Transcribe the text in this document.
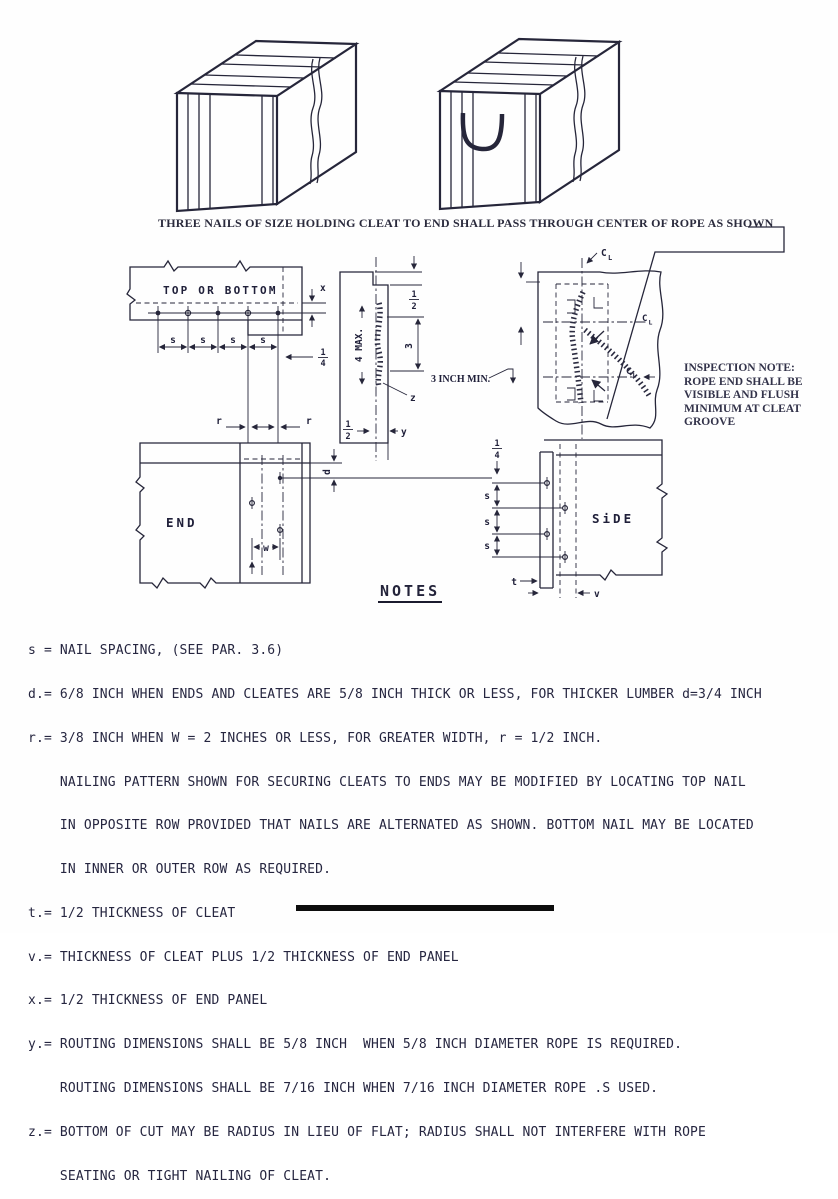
TOP OR BOTTOM
s	s	s	s
x
1
4
r	r
4 MAX.
1
2
3
3 INCH MIN.
z
1
2	y
C L
C L
C L
END
w
d
SiDE
s
s
s
1
4
t
v
THREE NAILS OF SIZE HOLDING CLEAT TO END SHALL PASS THROUGH CENTER OF ROPE AS SHOWN
INSPECTION NOTE:
ROPE END SHALL BE
VISIBLE AND FLUSH
MINIMUM AT CLEAT
GROOVE
NOTES

s = NAIL SPACING, (SEE PAR. 3.6)

d.= 6/8 INCH WHEN ENDS AND CLEATES ARE 5/8 INCH THICK OR LESS, FOR THICKER LUMBER d=3/4 INCH

r.= 3/8 INCH WHEN W = 2 INCHES OR LESS, FOR GREATER WIDTH, r = 1/2 INCH.

NAILING PATTERN SHOWN FOR SECURING CLEATS TO ENDS MAY BE MODIFIED BY LOCATING TOP NAIL

IN OPPOSITE ROW PROVIDED THAT NAILS ARE ALTERNATED AS SHOWN. BOTTOM NAIL MAY BE LOCATED

IN INNER OR OUTER ROW AS REQUIRED.

t.= 1/2 THICKNESS OF CLEAT

v.= THICKNESS OF CLEAT PLUS 1/2 THICKNESS OF END PANEL

x.= 1/2 THICKNESS OF END PANEL

y.= ROUTING DIMENSIONS SHALL BE 5/8 INCH  WHEN 5/8 INCH DIAMETER ROPE IS REQUIRED.

ROUTING DIMENSIONS SHALL BE 7/16 INCH WHEN 7/16 INCH DIAMETER ROPE .S USED.

z.= BOTTOM OF CUT MAY BE RADIUS IN LIEU OF FLAT; RADIUS SHALL NOT INTERFERE WITH ROPE

SEATING OR TIGHT NAILING OF CLEAT.
